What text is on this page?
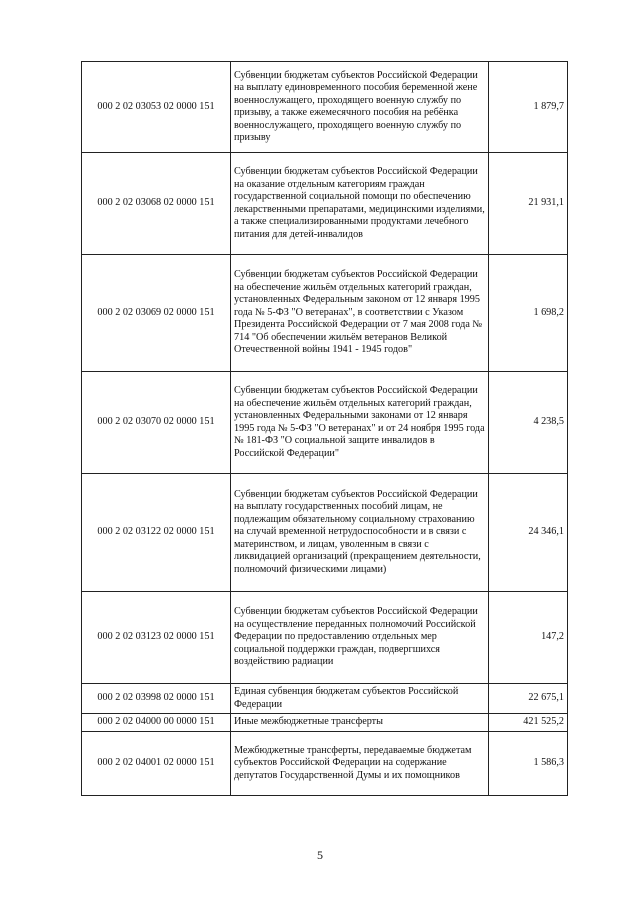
000 2 02 03053 02 0000 151	Субвенции бюджетам субъектов Российской Федерации на выплату единовременного пособия беременной жене военнослужащего, проходящего военную службу по призыву, а также ежемесячного пособия на ребёнка военнослужащего, проходящего военную службу по призыву	1 879,7
000 2 02 03068 02 0000 151	Субвенции бюджетам субъектов Российской Федерации на оказание отдельным категориям граждан государственной социальной помощи по обеспечению лекарственными препаратами, медицинскими изделиями, а также специализированными продуктами лечебного питания для детей-инвалидов	21 931,1
000 2 02 03069 02 0000 151	Субвенции бюджетам субъектов Российской Федерации на обеспечение жильём отдельных категорий граждан, установленных Федеральным законом от 12 января 1995 года № 5-ФЗ "О ветеранах", в соответствии с Указом Президента Российской Федерации от 7 мая 2008 года № 714 "Об обеспечении жильём ветеранов Великой Отечественной войны 1941 - 1945 годов"	1 698,2
000 2 02 03070 02 0000 151	Субвенции бюджетам субъектов Российской Федерации на обеспечение жильём отдельных категорий граждан, установленных Федеральными законами от 12 января 1995 года № 5-ФЗ "О ветеранах" и от 24 ноября 1995 года № 181-ФЗ "О социальной защите инвалидов в Российской Федерации"	4 238,5
000 2 02 03122 02 0000 151	Субвенции бюджетам субъектов Российской Федерации на выплату государственных пособий лицам, не подлежащим обязательному социальному страхованию на случай временной нетрудоспособности и в связи с материнством, и лицам, уволенным в связи с ликвидацией организаций (прекращением деятельности, полномочий физическими лицами)	24 346,1
000 2 02 03123 02 0000 151	Субвенции бюджетам субъектов Российской Федерации на осуществление переданных полномочий Российской Федерации по предоставлению отдельных мер социальной поддержки граждан, подвергшихся воздействию радиации	147,2
000 2 02 03998 02 0000 151	Единая субвенция бюджетам субъектов Российской Федерации	22 675,1
000 2 02 04000 00 0000 151	Иные межбюджетные трансферты	421 525,2
000 2 02 04001 02 0000 151	Межбюджетные трансферты, передаваемые бюджетам субъектов Российской Федерации на содержание депутатов Государственной Думы и их помощников	1 586,3
5
